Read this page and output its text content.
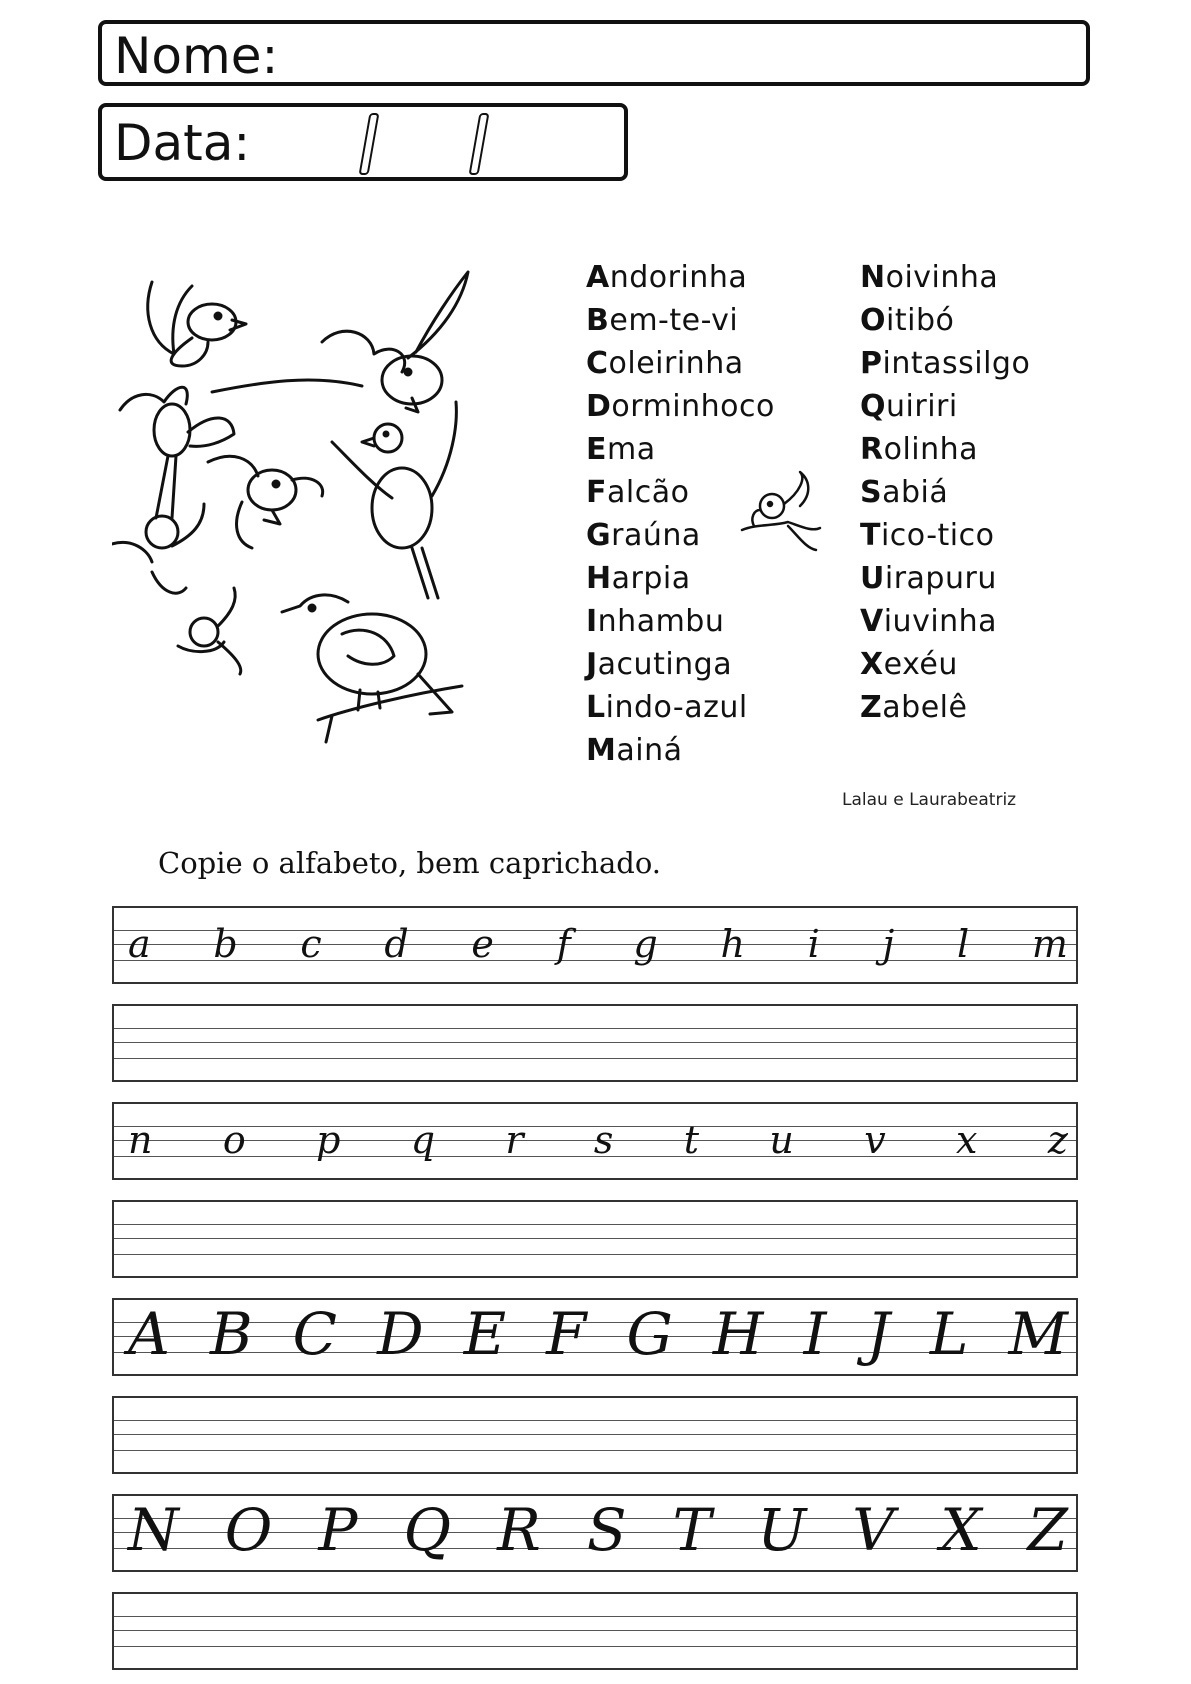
Nome:
Data:
Andorinha
Bem-te-vi
Coleirinha
Dorminhoco
Ema
Falcão
Graúna
Harpia
Inhambu
Jacutinga
Lindo-azul
Mainá
Noivinha
Oitibó
Pintassilgo
Quiriri
Rolinha
Sabiá
Tico-tico
Uirapuru
Viuvinha
Xexéu
Zabelê
Lalau e Laurabeatriz
Copie o alfabeto, bem caprichado.
a b c d e f g h i j l m
n o p q r s t u v x z
A B C D E F G H I J L M
N O P Q R S T U V X Z
